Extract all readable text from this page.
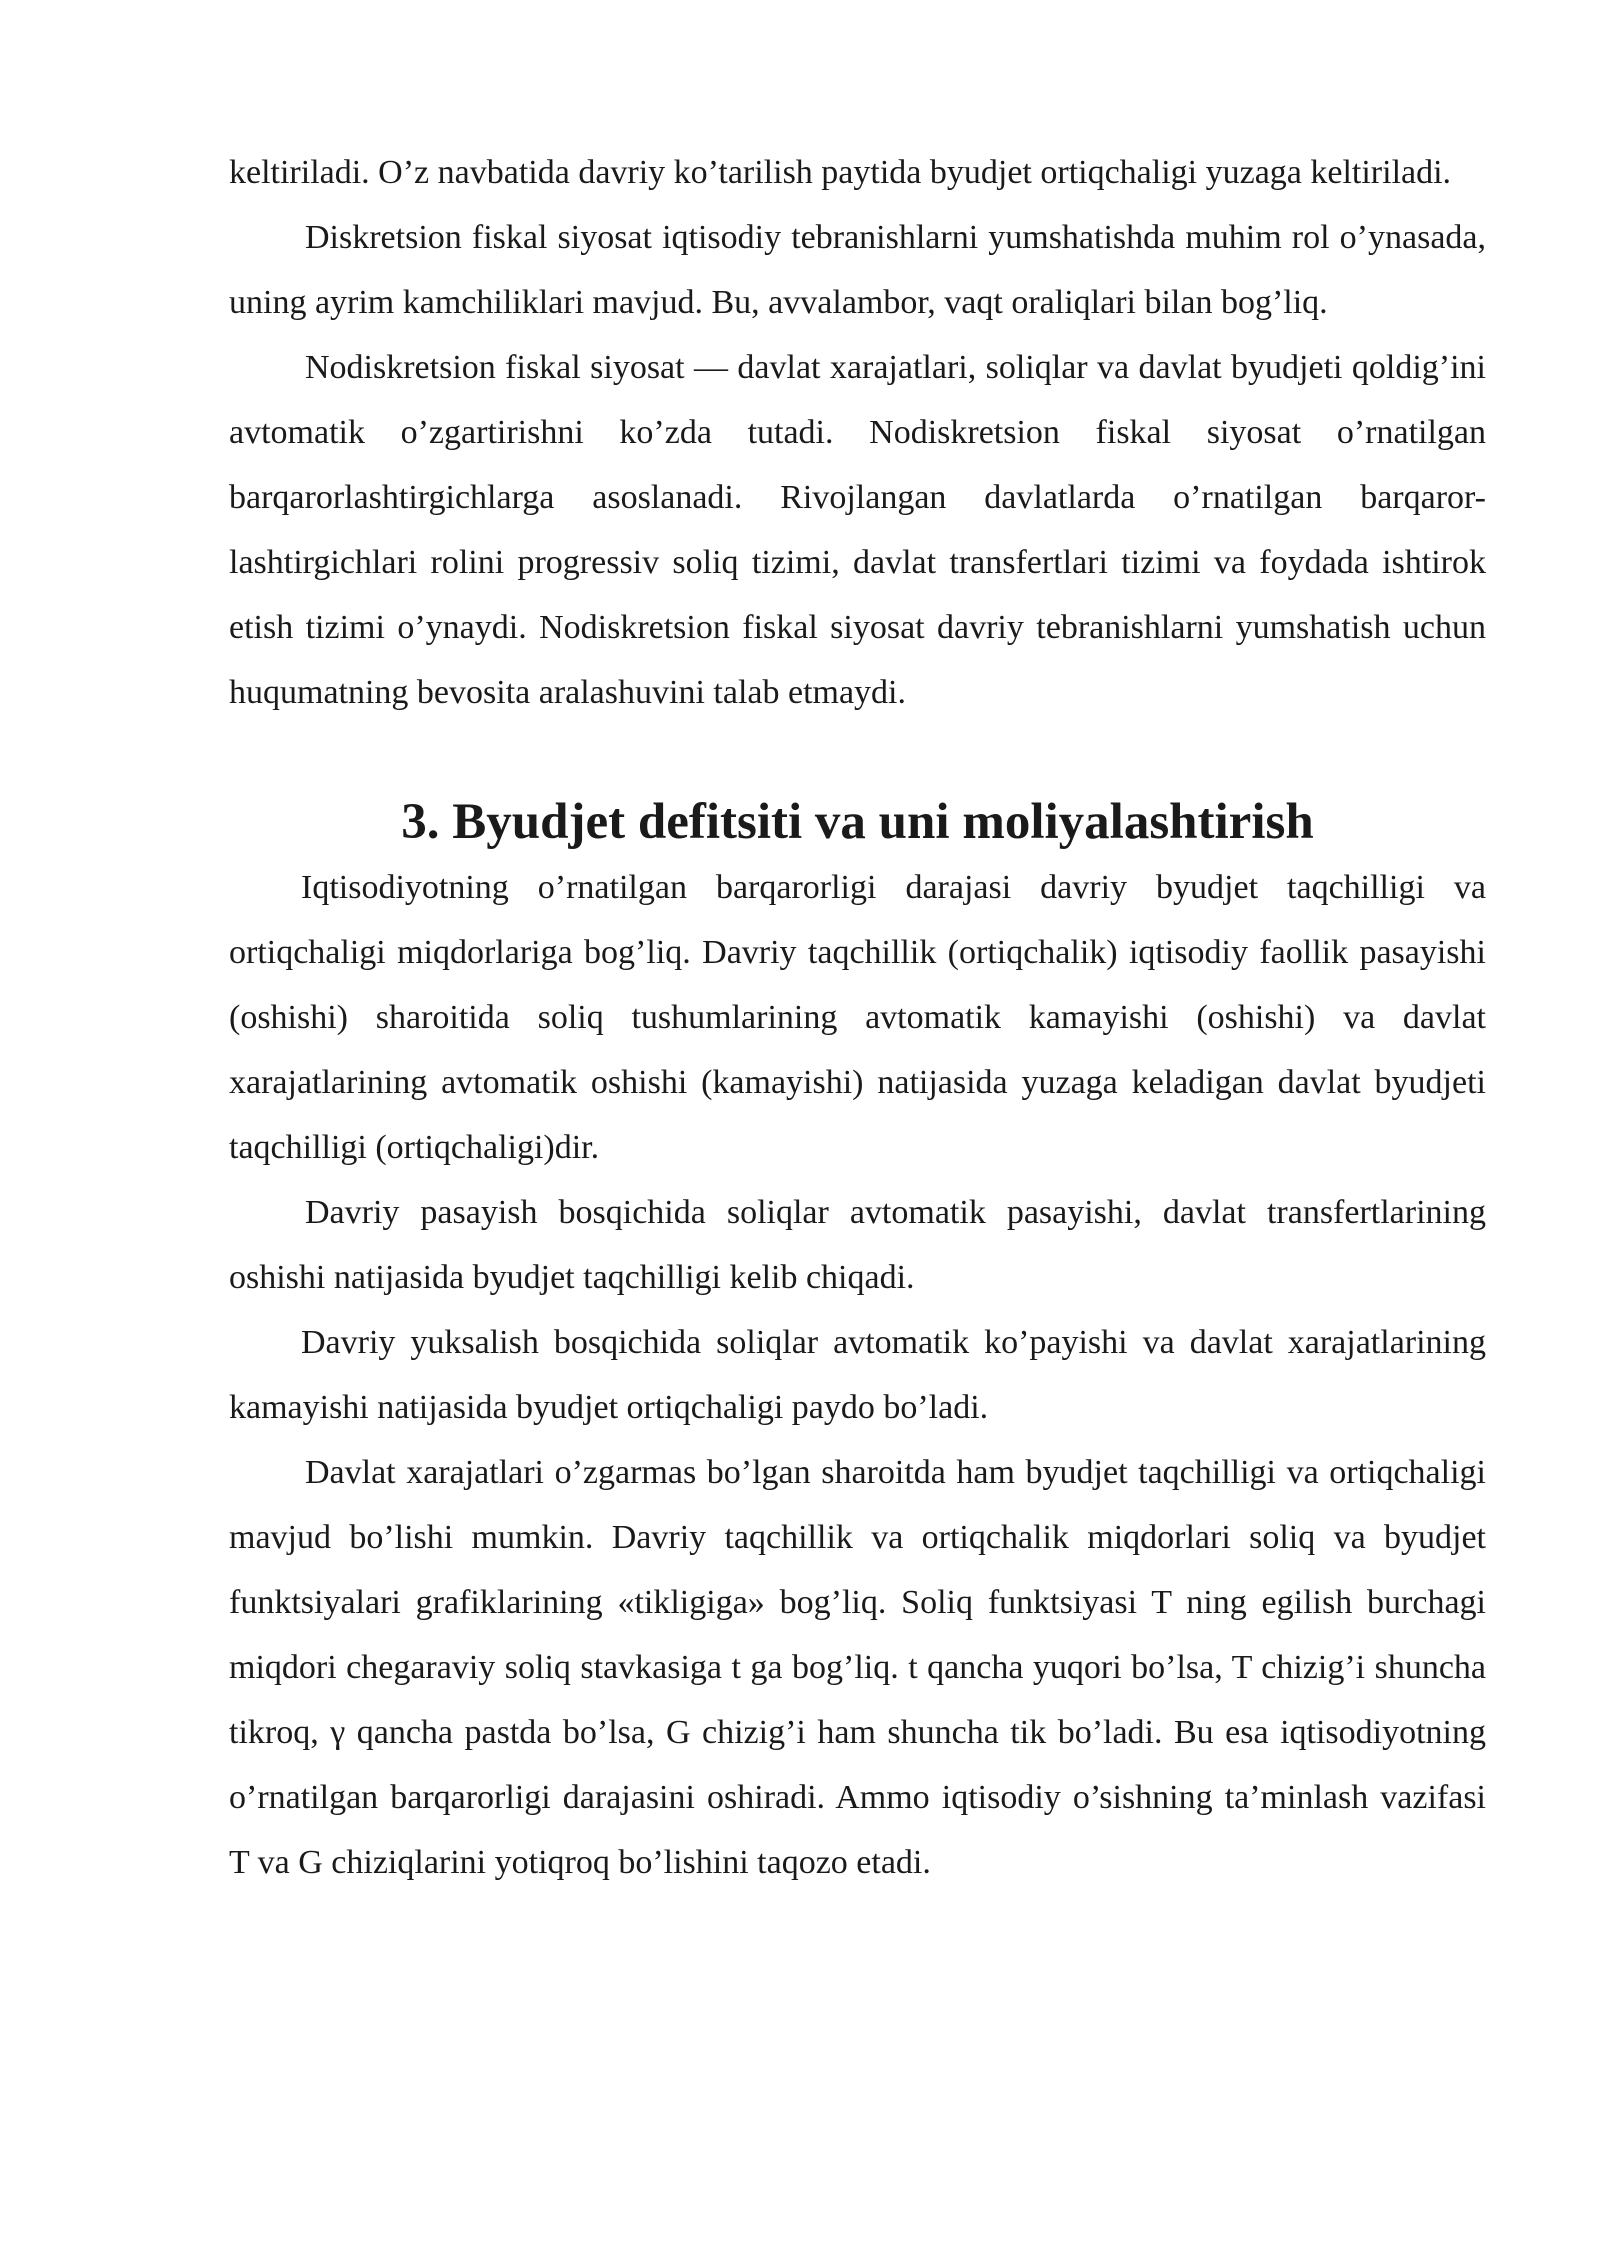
keltiriladi. O’z navbatida davriy ko’tarilish paytida byudjet ortiqchaligi yuzaga keltiriladi.

Diskretsion fiskal siyosat iqtisodiy tebranishlarni yumshatishda muhim rol o’ynasada, uning ayrim kamchiliklari mavjud. Bu, avvalambor, vaqt oraliqlari bilan bog’liq.

Nodiskretsion fiskal siyosat — davlat xarajatlari, soliqlar va davlat byudjeti qoldig’ini avtomatik o’zgartirishni ko’zda tutadi. Nodiskretsion fiskal siyosat o’rnatilgan barqarorlashtirgichlarga asoslanadi. Rivojlangan davlatlarda o’rnatilgan barqaror-lashtirgichlari rolini progressiv soliq tizimi, davlat transfertlari tizimi va foydada ishtirok etish tizimi o’ynaydi. Nodiskretsion fiskal siyosat davriy tebranishlarni yumshatish uchun huqumatning bevosita aralashuvini talab etmaydi.

3. Byudjet defitsiti va uni moliyalashtirish

Iqtisodiyotning o’rnatilgan barqarorligi darajasi davriy byudjet taqchilligi va ortiqchaligi miqdorlariga bog’liq. Davriy taqchillik (ortiqchalik) iqtisodiy faollik pasayishi (oshishi) sharoitida soliq tushumlarining avtomatik kamayishi (oshishi) va davlat xarajatlarining avtomatik oshishi (kamayishi) natijasida yuzaga keladigan davlat byudjeti taqchilligi (ortiqchaligi)dir.

Davriy pasayish bosqichida soliqlar avtomatik pasayishi, davlat transfertlarining oshishi natijasida byudjet taqchilligi kelib chiqadi.

Davriy yuksalish bosqichida soliqlar avtomatik ko’payishi va davlat xarajatlarining kamayishi natijasida byudjet ortiqchaligi paydo bo’ladi.

Davlat xarajatlari o’zgarmas bo’lgan sharoitda ham byudjet taqchilligi va ortiqchaligi mavjud bo’lishi mumkin. Davriy taqchillik va ortiqchalik miqdorlari soliq va byudjet funktsiyalari grafiklarining «tikligiga» bog’liq. Soliq funktsiyasi T ning egilish burchagi miqdori chegaraviy soliq stavkasiga t ga bog’liq. t qancha yuqori bo’lsa, T chizig’i shuncha tikroq, γ qancha pastda bo’lsa, G chizig’i ham shuncha tik bo’ladi. Bu esa iqtisodiyotning o’rnatilgan barqarorligi darajasini oshiradi. Ammo iqtisodiy o’sishning ta’minlash vazifasi T va G chiziqlarini yotiqroq bo’lishini taqozo etadi.
